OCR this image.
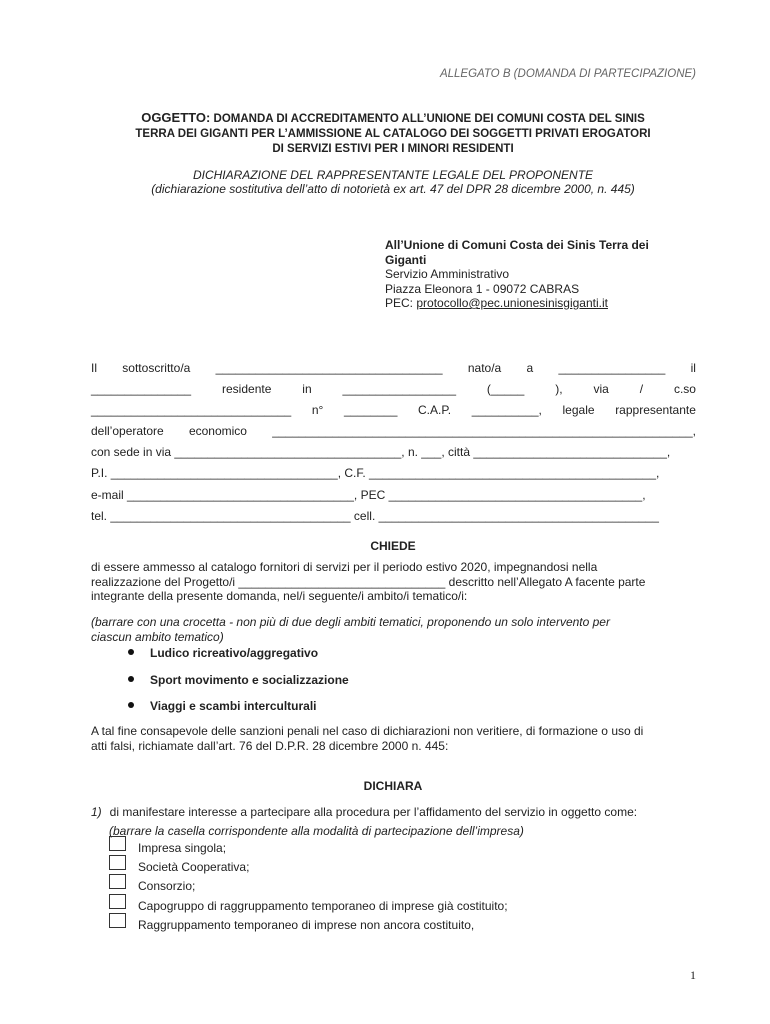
ALLEGATO B (DOMANDA DI PARTECIPAZIONE)
OGGETTO: DOMANDA DI ACCREDITAMENTO ALL’UNIONE DEI COMUNI COSTA DEL SINIS
TERRA DEI GIGANTI PER L’AMMISSIONE AL CATALOGO DEI SOGGETTI PRIVATI EROGATORI
DI SERVIZI ESTIVI PER I MINORI RESIDENTI
DICHIARAZIONE DEL RAPPRESENTANTE LEGALE DEL PROPONENTE
(dichiarazione sostitutiva dell’atto di notorietà ex art. 47 del DPR 28 dicembre 2000, n. 445)
All’Unione di Comuni Costa dei Sinis Terra dei
Giganti
Servizio Amministrativo
Piazza Eleonora 1 - 09072 CABRAS
PEC: protocollo@pec.unionesinisgiganti.it
Il sottoscritto/a __________________________________ nato/a a ________________ il
_______________	residente	in	_________________	(_____	),	via	/	c.so
______________________________ n° ________ C.A.P. __________, legale rappresentante
dell’operatore economico _______________________________________________________________,
con sede in via __________________________________, n. ___, città _____________________________,
P.I. __________________________________, C.F. ___________________________________________,
e-mail __________________________________, PEC ______________________________________,
tel. ____________________________________ cell. __________________________________________
CHIEDE
di essere ammesso al catalogo fornitori di servizi per il periodo estivo 2020, impegnandosi nella
realizzazione del Progetto/i _______________________________ descritto nell’Allegato A facente parte
integrante della presente domanda, nel/i seguente/i ambito/i tematico/i:
(barrare con una crocetta - non più di due degli ambiti tematici, proponendo un solo intervento per
ciascun ambito tematico)
Ludico ricreativo/aggregativo
Sport movimento e socializzazione
Viaggi e scambi interculturali
A tal fine consapevole delle sanzioni penali nel caso di dichiarazioni non veritiere, di formazione o uso di
atti falsi, richiamate dall’art. 76 del D.P.R. 28 dicembre 2000 n. 445:
DICHIARA
1) di manifestare interesse a partecipare alla procedura per l’affidamento del servizio in oggetto come:
(barrare la casella corrispondente alla modalità di partecipazione dell’impresa)
Impresa singola;
Società Cooperativa;
Consorzio;
Capogruppo di raggruppamento temporaneo di imprese già costituito;
Raggruppamento temporaneo di imprese non ancora costituito,
1
